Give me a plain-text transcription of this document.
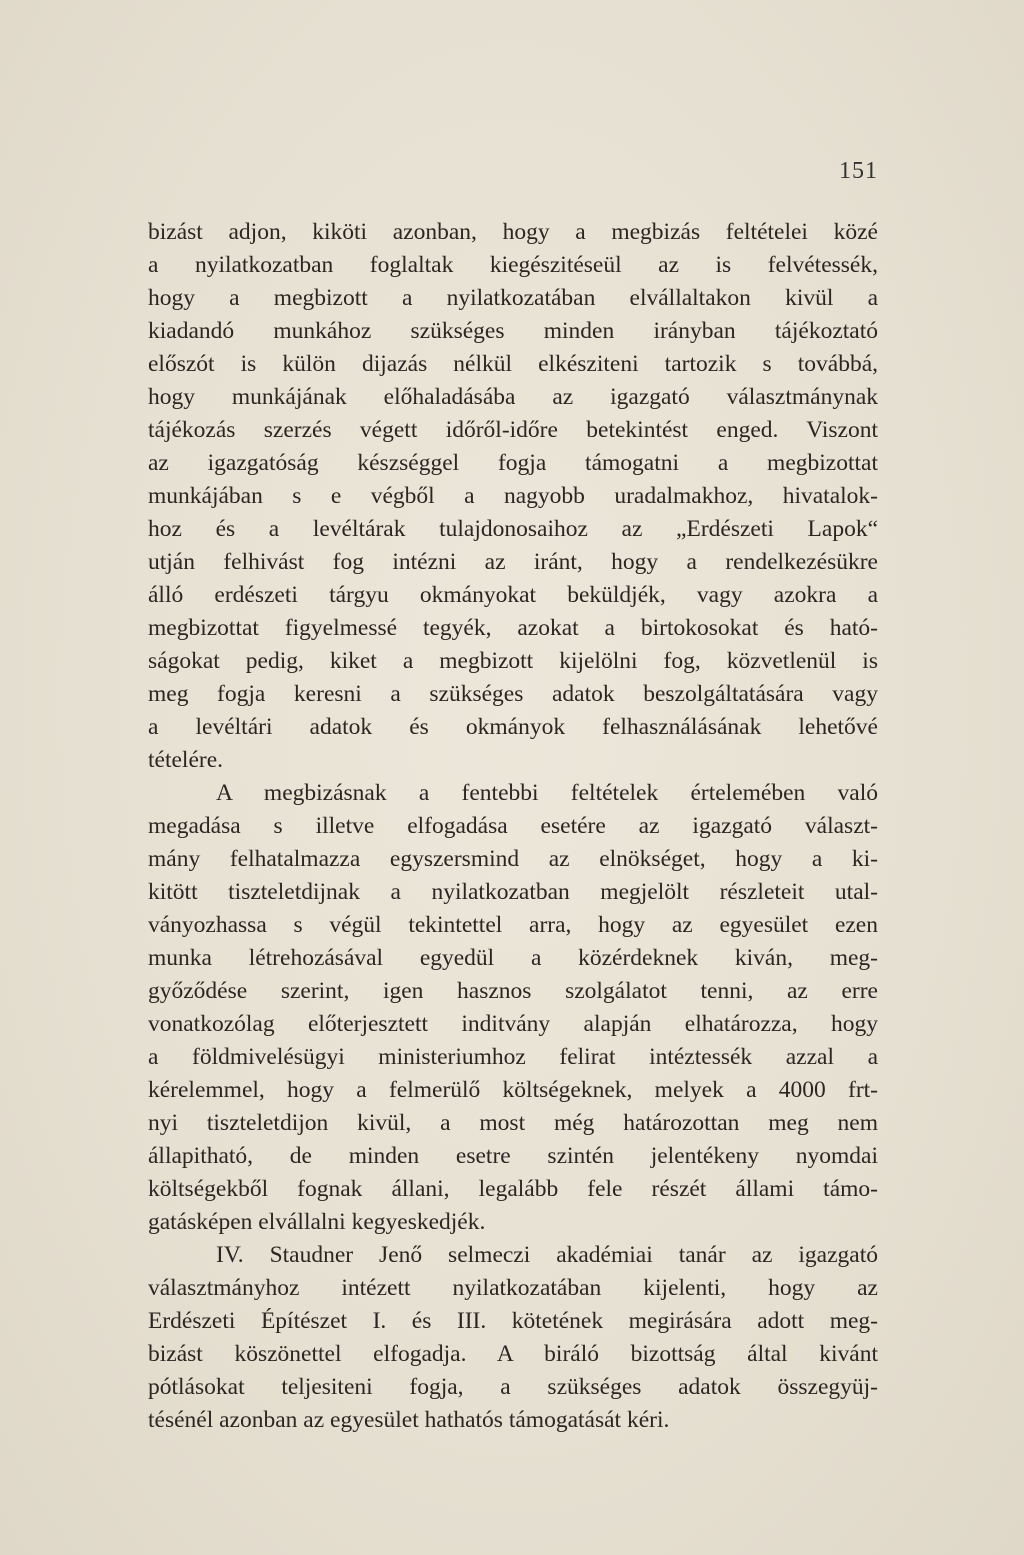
151
bizást adjon, kiköti azonban, hogy a megbizás feltételei közé
a nyilatkozatban foglaltak kiegészitéseül az is felvétessék,
hogy a megbizott a nyilatkozatában elvállaltakon kivül a
kiadandó munkához szükséges minden irányban tájékoztató
előszót is külön dijazás nélkül elkésziteni tartozik s továbbá,
hogy munkájának előhaladásába az igazgató választmánynak
tájékozás szerzés végett időről-időre betekintést enged. Viszont
az igazgatóság készséggel fogja támogatni a megbizottat
munkájában s e végből a nagyobb uradalmakhoz, hivatalok-
hoz és a levéltárak tulajdonosaihoz az „Erdészeti Lapok“
utján felhivást fog intézni az iránt, hogy a rendelkezésükre
álló erdészeti tárgyu okmányokat beküldjék, vagy azokra a
megbizottat figyelmessé tegyék, azokat a birtokosokat és ható-
ságokat pedig, kiket a megbizott kijelölni fog, közvetlenül is
meg fogja keresni a szükséges adatok beszolgáltatására vagy
a levéltári adatok és okmányok felhasználásának lehetővé
tételére.
A megbizásnak a fentebbi feltételek értelemében való
megadása s illetve elfogadása esetére az igazgató választ-
mány felhatalmazza egyszersmind az elnökséget, hogy a ki-
kitött tiszteletdijnak a nyilatkozatban megjelölt részleteit utal-
ványozhassa s végül tekintettel arra, hogy az egyesület ezen
munka létrehozásával egyedül a közérdeknek kiván, meg-
győződése szerint, igen hasznos szolgálatot tenni, az erre
vonatkozólag előterjesztett inditvány alapján elhatározza, hogy
a földmivelésügyi ministeriumhoz felirat intéztessék azzal a
kérelemmel, hogy a felmerülő költségeknek, melyek a 4000 frt-
nyi tiszteletdijon kivül, a most még határozottan meg nem
állapitható, de minden esetre szintén jelentékeny nyomdai
költségekből fognak állani, legalább fele részét állami támo-
gatásképen elvállalni kegyeskedjék.
IV. Staudner Jenő selmeczi akadémiai tanár az igazgató
választmányhoz intézett nyilatkozatában kijelenti, hogy az
Erdészeti Építészet I. és III. kötetének megirására adott meg-
bizást köszönettel elfogadja. A biráló bizottság által kivánt
pótlásokat teljesiteni fogja, a szükséges adatok összegyüj-
tésénél azonban az egyesület hathatós támogatását kéri.
